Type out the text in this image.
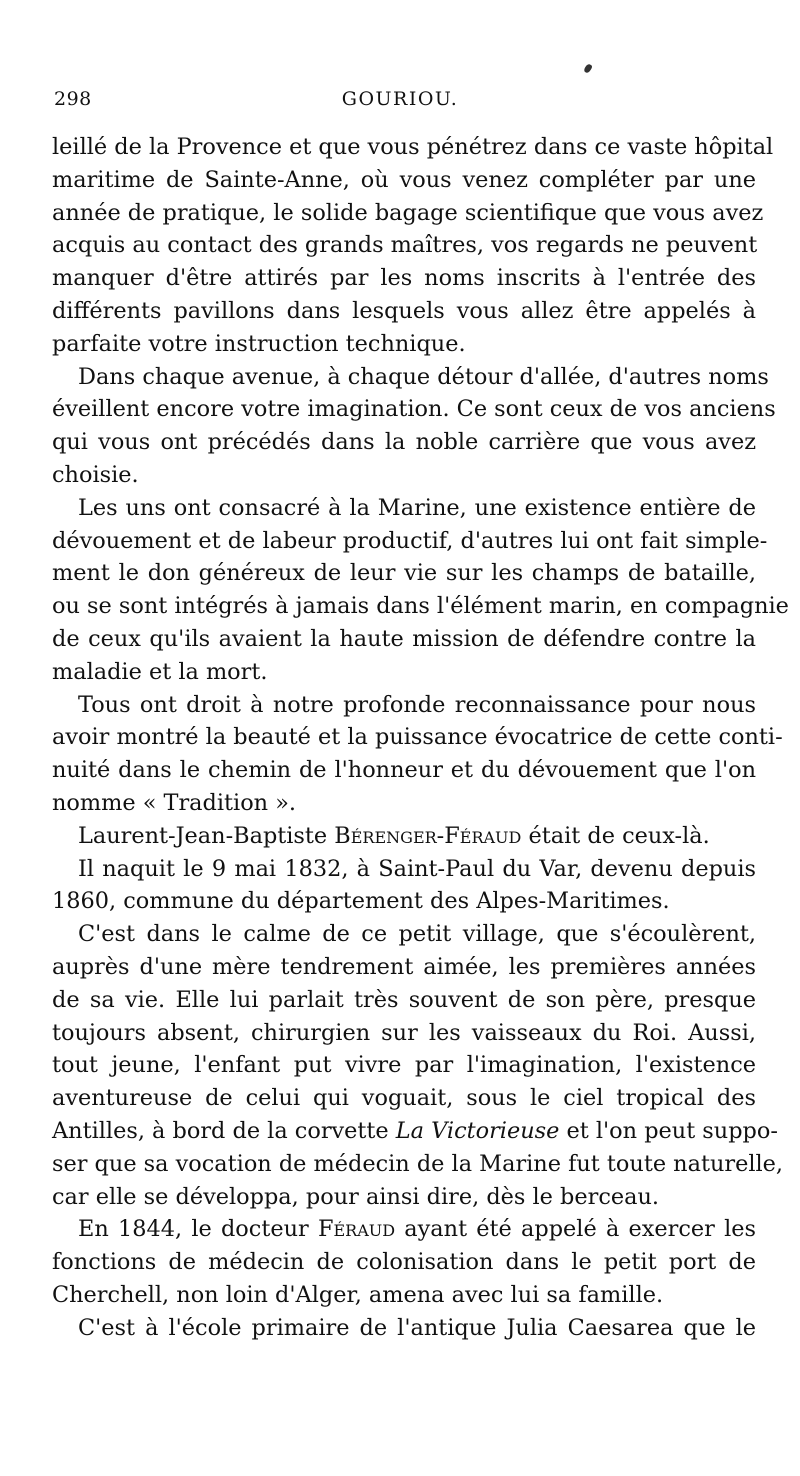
298	GOURIOU.
leillé de la Provence et que vous pénétrez dans ce vaste hôpital
maritime de Sainte-Anne, où vous venez compléter par une
année de pratique, le solide bagage scientifique que vous avez
acquis au contact des grands maîtres, vos regards ne peuvent
manquer d'être attirés par les noms inscrits à l'entrée des
différents pavillons dans lesquels vous allez être appelés à
parfaite votre instruction technique.
Dans chaque avenue, à chaque détour d'allée, d'autres noms
éveillent encore votre imagination. Ce sont ceux de vos anciens
qui vous ont précédés dans la noble carrière que vous avez
choisie.
Les uns ont consacré à la Marine, une existence entière de
dévouement et de labeur productif, d'autres lui ont fait simple-
ment le don généreux de leur vie sur les champs de bataille,
ou se sont intégrés à jamais dans l'élément marin, en compagnie
de ceux qu'ils avaient la haute mission de défendre contre la
maladie et la mort.
Tous ont droit à notre profonde reconnaissance pour nous
avoir montré la beauté et la puissance évocatrice de cette conti-
nuité dans le chemin de l'honneur et du dévouement que l'on
nomme « Tradition ».
Laurent-Jean-Baptiste Bérenger-Féraud était de ceux-là.
Il naquit le 9 mai 1832, à Saint-Paul du Var, devenu depuis
1860, commune du département des Alpes-Maritimes.
C'est dans le calme de ce petit village, que s'écoulèrent,
auprès d'une mère tendrement aimée, les premières années
de sa vie. Elle lui parlait très souvent de son père, presque
toujours absent, chirurgien sur les vaisseaux du Roi. Aussi,
tout jeune, l'enfant put vivre par l'imagination, l'existence
aventureuse de celui qui voguait, sous le ciel tropical des
Antilles, à bord de la corvette La Victorieuse et l'on peut suppo-
ser que sa vocation de médecin de la Marine fut toute naturelle,
car elle se développa, pour ainsi dire, dès le berceau.
En 1844, le docteur Féraud ayant été appelé à exercer les
fonctions de médecin de colonisation dans le petit port de
Cherchell, non loin d'Alger, amena avec lui sa famille.
C'est à l'école primaire de l'antique Julia Caesarea que le
